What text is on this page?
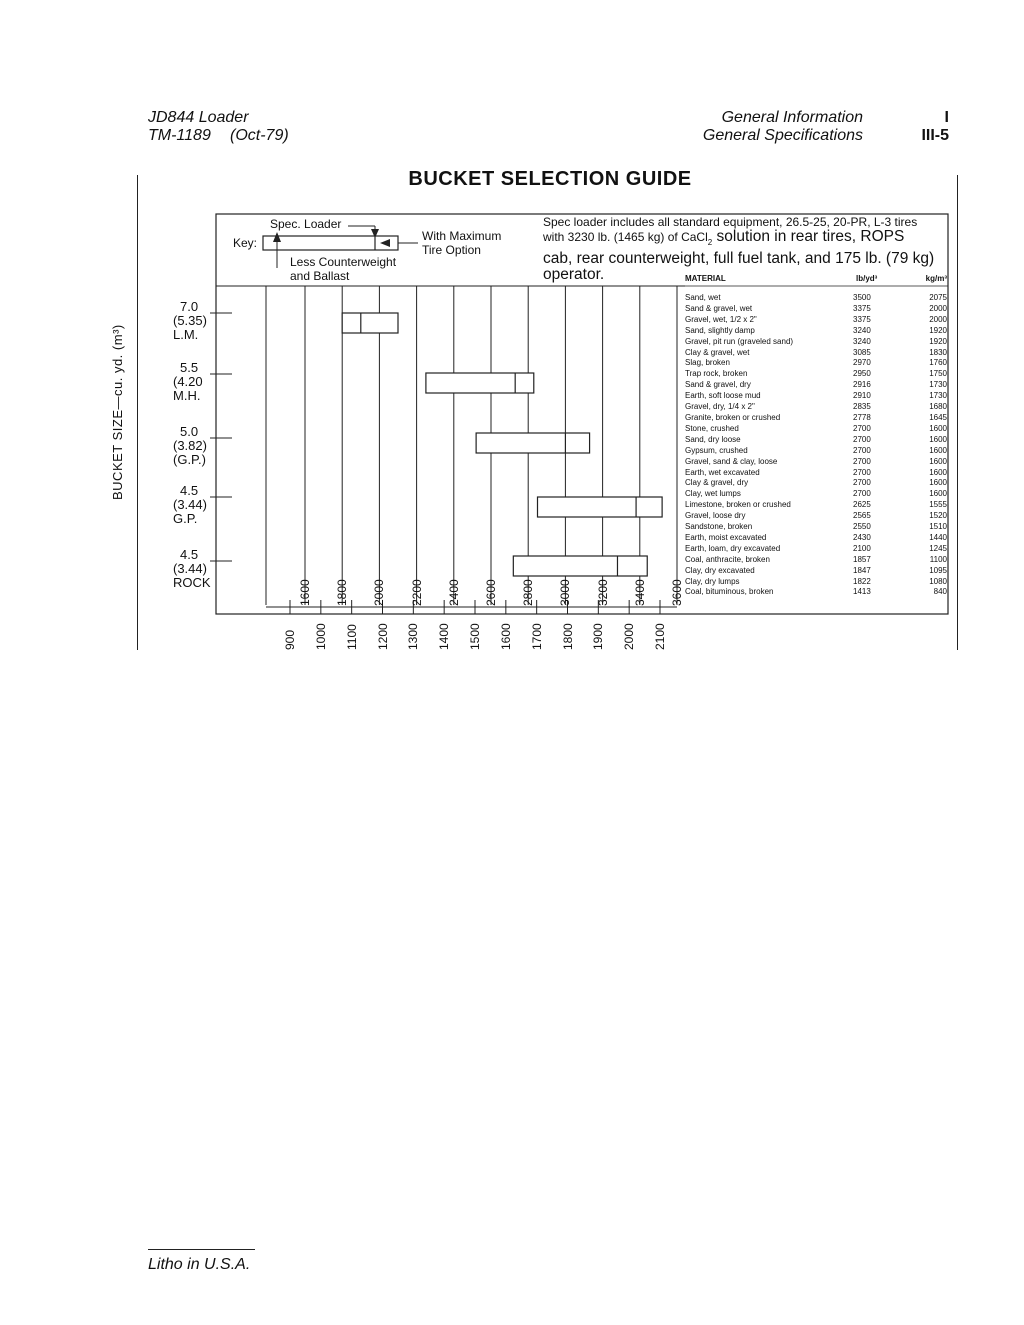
JD844 Loader
TM-1189 (Oct-79)
General Information
General Specifications
I
III-5
BUCKET SELECTION GUIDE
Key:
Spec. Loader
Less Counterweight
and Ballast
With Maximum
Tire Option
Spec loader includes all standard equipment, 26.5-25, 20-PR, L-3 tires
with 3230 lb. (1465 kg) of CaCl$_2$ solution in rear tires, ROPS
cab, rear counterweight, full fuel tank, and 175 lb. (79 kg)
operator.	MATERIAL	lb/yd³	kg/m³
Sand, wet	3500	2075
Sand & gravel, wet	3375	2000
Gravel, wet, 1/2 x 2"	3375	2000
Sand, slightly damp	3240	1920
Gravel, pit run (graveled sand)	3240	1920
Clay & gravel, wet	3085	1830
Slag, broken	2970	1760
Trap rock, broken	2950	1750
Sand & gravel, dry	2916	1730
Earth, soft loose mud	2910	1730
Gravel, dry, 1/4 x 2"	2835	1680
Granite, broken or crushed	2778	1645
Stone, crushed	2700	1600
Sand, dry loose	2700	1600
Gypsum, crushed	2700	1600
Gravel, sand & clay, loose	2700	1600
Earth, wet excavated	2700	1600
Clay & gravel, dry	2700	1600
Clay, wet lumps	2700	1600
Limestone, broken or crushed	2625	1555
Gravel, loose dry	2565	1520
Sandstone, broken	2550	1510
Earth, moist excavated	2430	1440
Earth, loam, dry excavated	2100	1245
Coal, anthracite, broken	1857	1100
Clay, dry excavated	1847	1095
Clay, dry lumps	1822	1080
Coal, bituminous, broken	1413	840
BUCKET SIZE—cu. yd. (m³)
7.0
(5.35)
L.M.
5.5
(4.20
M.H.
5.0
(3.82)
(G.P.)
4.5
(3.44)
G.P.
4.5
(3.44)
ROCK	1600 1800 2000 2200 2400 2600 2800 3000 3200 3400 3600
900 1000 1100 1200 1300 1400 1500 1600 1700 1800 1900 2000 2100
Litho in U.S.A.
